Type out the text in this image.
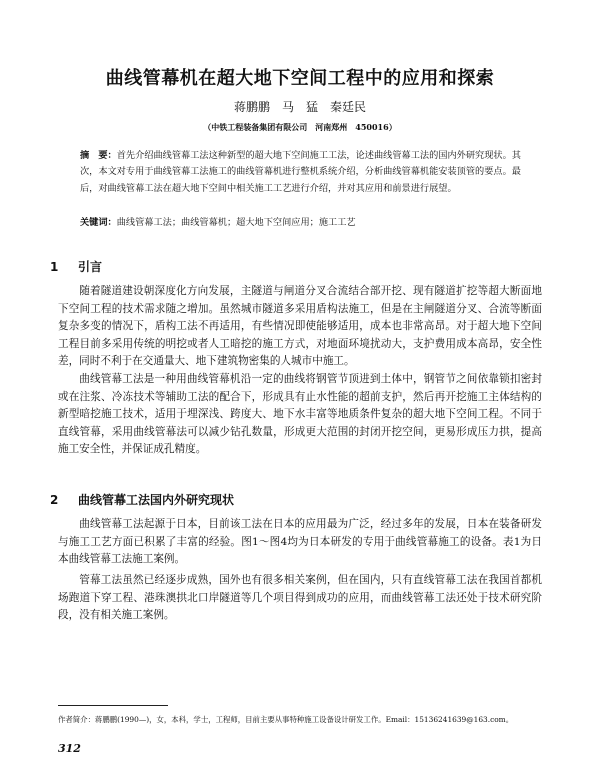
曲线管幕机在超大地下空间工程中的应用和探索
蒋鹏鹏　马　猛　秦廷民
（中铁工程装备集团有限公司　河南郑州　450016）
摘　要：首先介绍曲线管幕工法这种新型的超大地下空间施工工法，论述曲线管幕工法的国内外研究现状。其次，本文对专用于曲线管幕工法施工的曲线管幕机进行整机系统介绍，分析曲线管幕机能安装顶管的要点。最后，对曲线管幕工法在超大地下空间中相关施工工艺进行介绍，并对其应用和前景进行展望。
关键词：曲线管幕工法；曲线管幕机；超大地下空间应用；施工工艺
1 引言
随着隧道建设朝深度化方向发展，主隧道与闸道分叉合流结合部开挖、现有隧道扩挖等超大断面地下空间工程的技术需求随之增加。虽然城市隧道多采用盾构法施工，但是在主闸隧道分叉、合流等断面复杂多变的情况下，盾构工法不再适用，有些情况即使能够适用，成本也非常高昂。对于超大地下空间工程目前多采用传统的明挖或者人工暗挖的施工方式，对地面环境扰动大，支护费用成本高昂，安全性差，同时不利于在交通量大、地下建筑物密集的人城市中施工。
曲线管幕工法是一种用曲线管幕机沿一定的曲线将钢管节顶进到土体中，钢管节之间依靠锁扣密封或在注浆、冷冻技术等辅助工法的配合下，形成具有止水性能的超前支护，然后再开挖施工主体结构的新型暗挖施工技术，适用于埋深浅、跨度大、地下水丰富等地质条件复杂的超大地下空间工程。不同于直线管幕，采用曲线管幕法可以减少钻孔数量，形成更大范围的封闭开挖空间，更易形成压力拱，提高施工安全性，并保证成孔精度。
2 曲线管幕工法国内外研究现状
曲线管幕工法起源于日本，目前该工法在日本的应用最为广泛，经过多年的发展，日本在装备研发与施工工艺方面已积累了丰富的经验。图1～图4均为日本研发的专用于曲线管幕施工的设备。表1为日本曲线管幕工法施工案例。
管幕工法虽然已经逐步成熟，国外也有很多相关案例，但在国内，只有直线管幕工法在我国首都机场跑道下穿工程、港珠澳拱北口岸隧道等几个项目得到成功的应用，而曲线管幕工法还处于技术研究阶段，没有相关施工案例。
作者简介：蒋鹏鹏(1990—)，女，本科，学士，工程师，目前主要从事特种施工设备设计研发工作。Email：15136241639@163.com。
312
